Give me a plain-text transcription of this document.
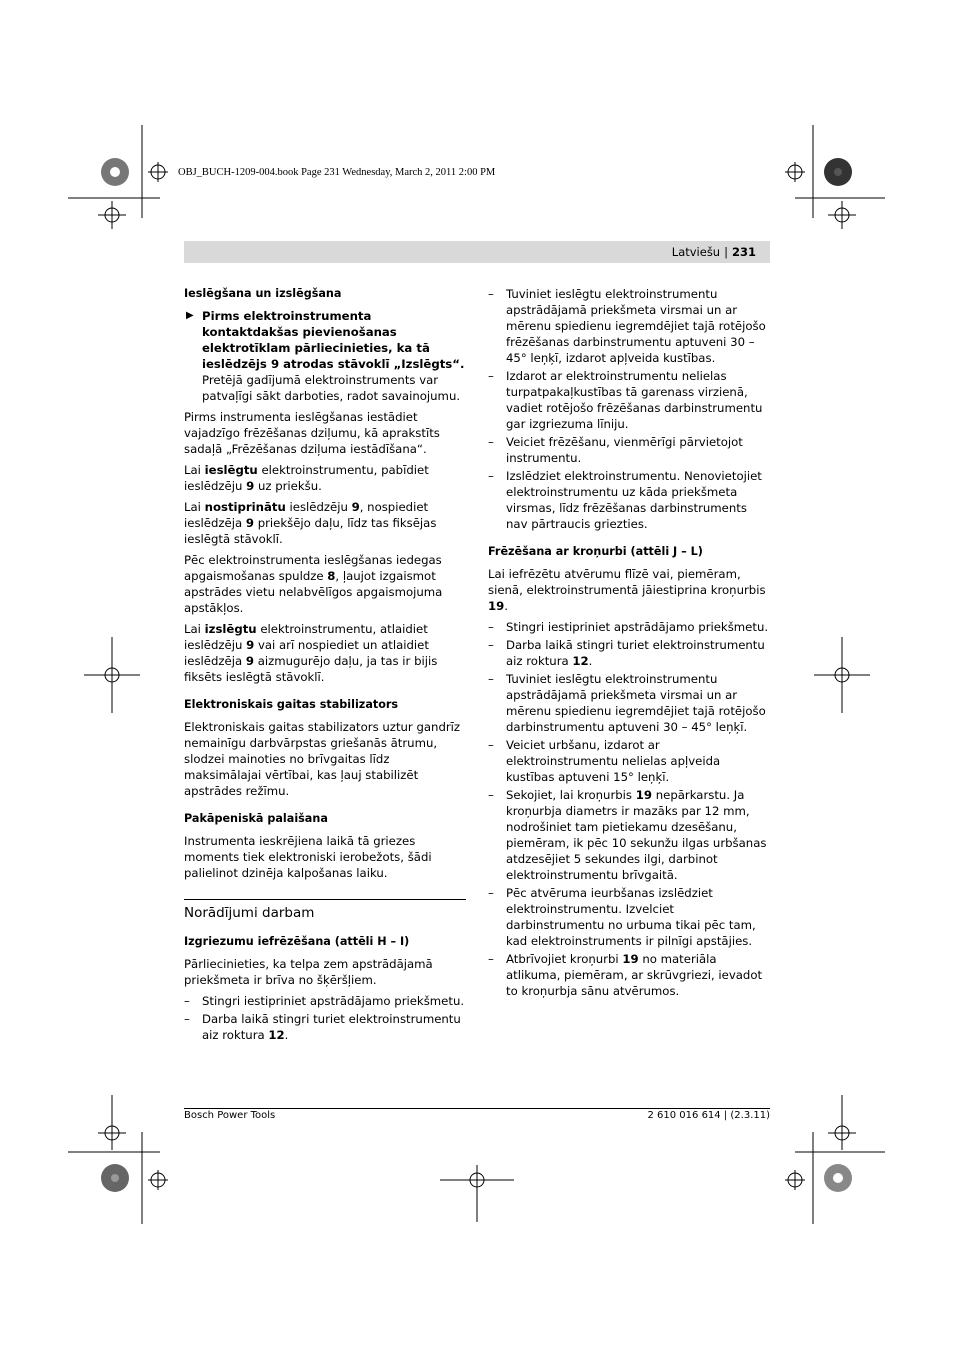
OBJ_BUCH-1209-004.book Page 231 Wednesday, March 2, 2011 2:00 PM
Latviešu | 231
Ieslēgšana un izslēgšana
▶ Pirms elektroinstrumenta kontaktdakšas pievienošanas elektrotīklam pārliecinieties, ka tā ieslēdzējs 9 atrodas stāvoklī „Izslēgts“. Pretējā gadījumā elektroinstruments var patvaļīgi sākt darboties, radot savainojumu.

Pirms instrumenta ieslēgšanas iestādiet vajadzīgo frēzēšanas dziļumu, kā aprakstīts sadaļā „Frēzēšanas dziļuma iestādīšana“.

Lai ieslēgtu elektroinstrumentu, pabīdiet ieslēdzēju 9 uz priekšu.

Lai nostiprinātu ieslēdzēju 9, nospiediet ieslēdzēja 9 priekšējo daļu, līdz tas fiksējas ieslēgtā stāvoklī.

Pēc elektroinstrumenta ieslēgšanas iedegas apgaismošanas spuldze 8, ļaujot izgaismot apstrādes vietu nelabvēlīgos apgaismojuma apstākļos.

Lai izslēgtu elektroinstrumentu, atlaidiet ieslēdzēju 9 vai arī nospiediet un atlaidiet ieslēdzēja 9 aizmugurējo daļu, ja tas ir bijis fiksēts ieslēgtā stāvoklī.

Elektroniskais gaitas stabilizators

Elektroniskais gaitas stabilizators uztur gandrīz nemainīgu darbvārpstas griešanās ātrumu, slodzei mainoties no brīvgaitas līdz maksimālajai vērtībai, kas ļauj stabilizēt apstrādes režīmu.

Pakāpeniskā palaišana

Instrumenta ieskrējiena laikā tā griezes moments tiek elektroniski ierobežots, šādi palielinot dzinēja kalpošanas laiku.

Norādījumi darbam
Izgriezumu iefrēzēšana (attēli H – I)

Pārliecinieties, ka telpa zem apstrādājamā priekšmeta ir brīva no šķēršļiem.

– Stingri iestipriniet apstrādājamo priekšmetu.
– Darba laikā stingri turiet elektroinstrumentu aiz roktura 12.
– Tuviniet ieslēgtu elektroinstrumentu apstrādājamā priekšmeta virsmai un ar mērenu spiedienu iegremdējiet tajā rotējošo frēzēšanas darbinstrumentu aptuveni 30 – 45° leņķī, izdarot apļveida kustības.
– Izdarot ar elektroinstrumentu nelielas turpatpakaļkustības tā garenass virzienā, vadiet rotējošo frēzēšanas darbinstrumentu gar izgriezuma līniju.
– Veiciet frēzēšanu, vienmērīgi pārvietojot instrumentu.
– Izslēdziet elektroinstrumentu. Nenovietojiet elektroinstrumentu uz kāda priekšmeta virsmas, līdz frēzēšanas darbinstruments nav pārtraucis griezties.
Frēzēšana ar kroņurbi (attēli J – L)

Lai iefrēzētu atvērumu flīzē vai, piemēram, sienā, elektroinstrumentā jāiestiprina kroņurbis 19.

– Stingri iestipriniet apstrādājamo priekšmetu.
– Darba laikā stingri turiet elektroinstrumentu aiz roktura 12.
– Tuviniet ieslēgtu elektroinstrumentu apstrādājamā priekšmeta virsmai un ar mērenu spiedienu iegremdējiet tajā rotējošo darbinstrumentu aptuveni 30 – 45° leņķī.
– Veiciet urbšanu, izdarot ar elektroinstrumentu nelielas apļveida kustības aptuveni 15° leņķī.
– Sekojiet, lai kroņurbis 19 nepārkarstu. Ja kroņurbja diametrs ir mazāks par 12 mm, nodrošiniet tam pietiekamu dzesēšanu, piemēram, ik pēc 10 sekunžu ilgas urbšanas atdzesējiet 5 sekundes ilgi, darbinot elektroinstrumentu brīvgaitā.
– Pēc atvēruma ieurbšanas izslēdziet elektroinstrumentu. Izvelciet darbinstrumentu no urbuma tikai pēc tam, kad elektroinstruments ir pilnīgi apstājies.
– Atbrīvojiet kroņurbi 19 no materiāla atlikuma, piemēram, ar skrūvgriezi, ievadot to kroņurbja sānu atvērumos.
Bosch Power Tools	2 610 016 614 | (2.3.11)
